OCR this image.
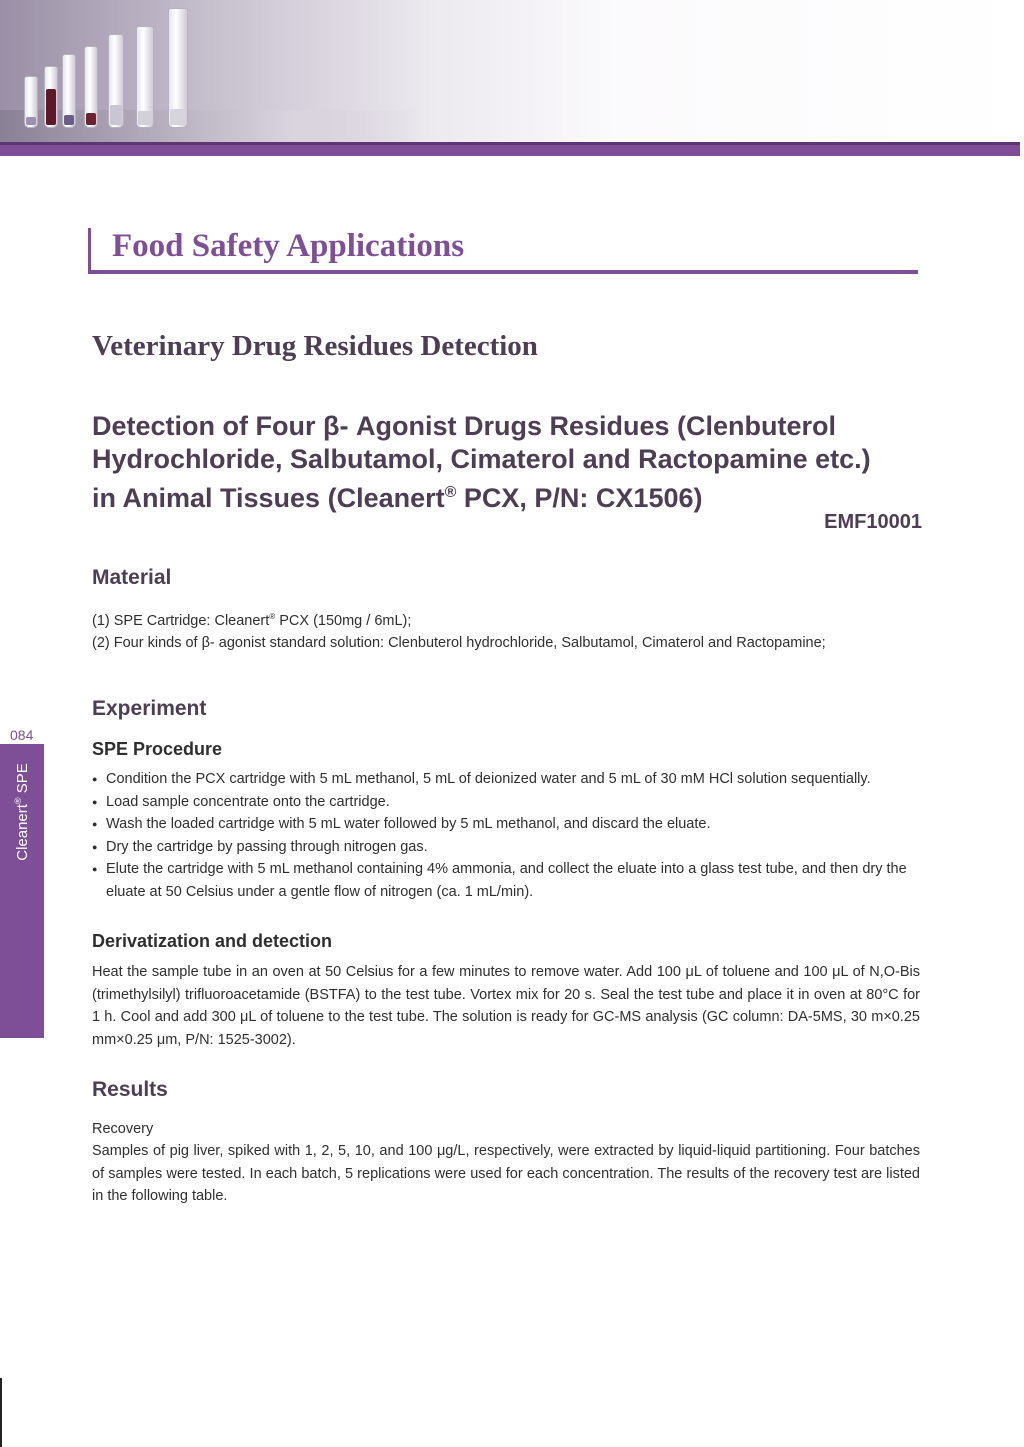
084
Cleanert® SPE
Food Safety Applications
Veterinary Drug Residues Detection
Detection of Four β- Agonist Drugs Residues (Clenbuterol
Hydrochloride, Salbutamol, Cimaterol and Ractopamine etc.)
in Animal Tissues (Cleanert® PCX, P/N: CX1506)
EMF10001
Material
(1) SPE Cartridge: Cleanert® PCX (150mg / 6mL);
(2) Four kinds of β- agonist standard solution: Clenbuterol hydrochloride, Salbutamol, Cimaterol and Ractopamine;
Experiment
SPE Procedure
● Condition the PCX cartridge with 5 mL methanol, 5 mL of deionized water and 5 mL of 30 mM HCl solution sequentially.
● Load sample concentrate onto the cartridge.
● Wash the loaded cartridge with 5 mL water followed by 5 mL methanol, and discard the eluate.
● Dry the cartridge by passing through nitrogen gas.
● Elute the cartridge with 5 mL methanol containing 4% ammonia, and collect the eluate into a glass test tube, and then dry the eluate at 50 Celsius under a gentle flow of nitrogen (ca. 1 mL/min).
Derivatization and detection
Heat the sample tube in an oven at 50 Celsius for a few minutes to remove water. Add 100 μL of toluene and 100 μL of N,O-Bis (trimethylsilyl) trifluoroacetamide (BSTFA) to the test tube. Vortex mix for 20 s. Seal the test tube and place it in oven at 80°C for 1 h. Cool and add 300 μL of toluene to the test tube. The solution is ready for GC-MS analysis (GC column: DA-5MS, 30 m×0.25 mm×0.25 μm, P/N: 1525-3002).
Results
Recovery
Samples of pig liver, spiked with 1, 2, 5, 10, and 100 μg/L, respectively, were extracted by liquid-liquid partitioning. Four batches of samples were tested. In each batch, 5 replications were used for each concentration. The results of the recovery test are listed in the following table.
